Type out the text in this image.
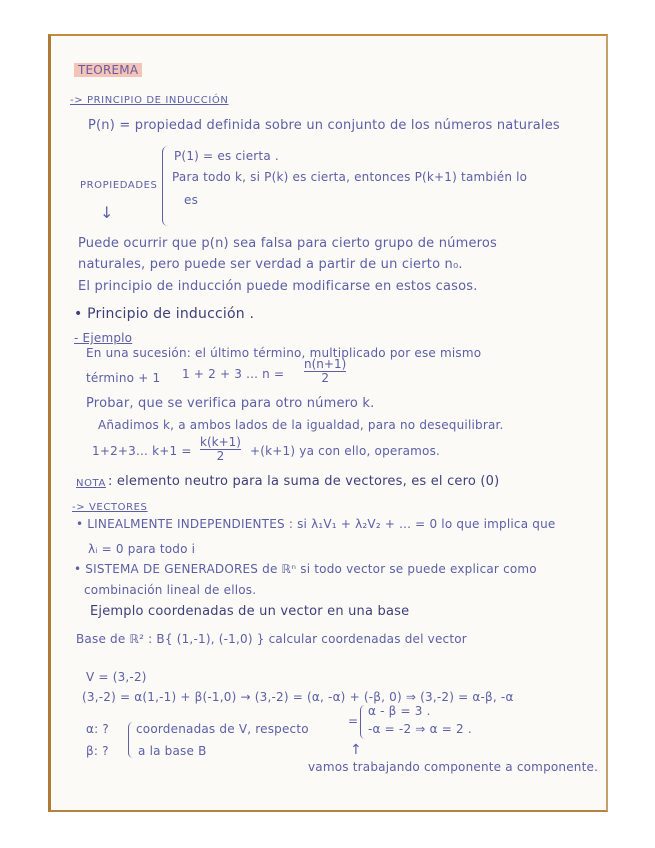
TEOREMA
-> PRINCIPIO DE INDUCCIÓN
P(n) = propiedad definida sobre un conjunto de los números naturales
PROPIEDADES
↓
P(1) = es cierta .
Para todo k, si P(k) es cierta, entonces P(k+1) también lo
es
Puede ocurrir que p(n) sea falsa para cierto grupo de números
naturales, pero puede ser verdad a partir de un cierto n₀.
El principio de inducción puede modificarse en estos casos.
• Principio de inducción .
- Ejemplo
En una sucesión: el último término, multiplicado por ese mismo
término + 1 1 + 2 + 3 ... n =
n(n+1)
2
Probar, que se verifica para otro número k.
Añadimos k, a ambos lados de la igualdad, para no desequilibrar.
1+2+3... k+1 =
k(k+1)
2 +(k+1) ya con ello, operamos.
NOTA : elemento neutro para la suma de vectores, es el cero (0)
-> VECTORES
• LINEALMENTE INDEPENDIENTES : si λ₁V₁ + λ₂V₂ + ... = 0 lo que implica que
λᵢ = 0 para todo i
• SISTEMA DE GENERADORES de ℝⁿ si todo vector se puede explicar como
combinación lineal de ellos.
Ejemplo coordenadas de un vector en una base
Base de ℝ² : B{ (1,-1), (-1,0) } calcular coordenadas del vector
V = (3,-2)
(3,-2) = α(1,-1) + β(-1,0) → (3,-2) = (α, -α) + (-β, 0) ⇒ (3,-2) = α-β, -α
α: ?
β: ?
coordenadas de V, respecto
a la base B
=
α - β = 3 .
-α = -2 ⇒ α = 2 .
↑
vamos trabajando componente a componente.
